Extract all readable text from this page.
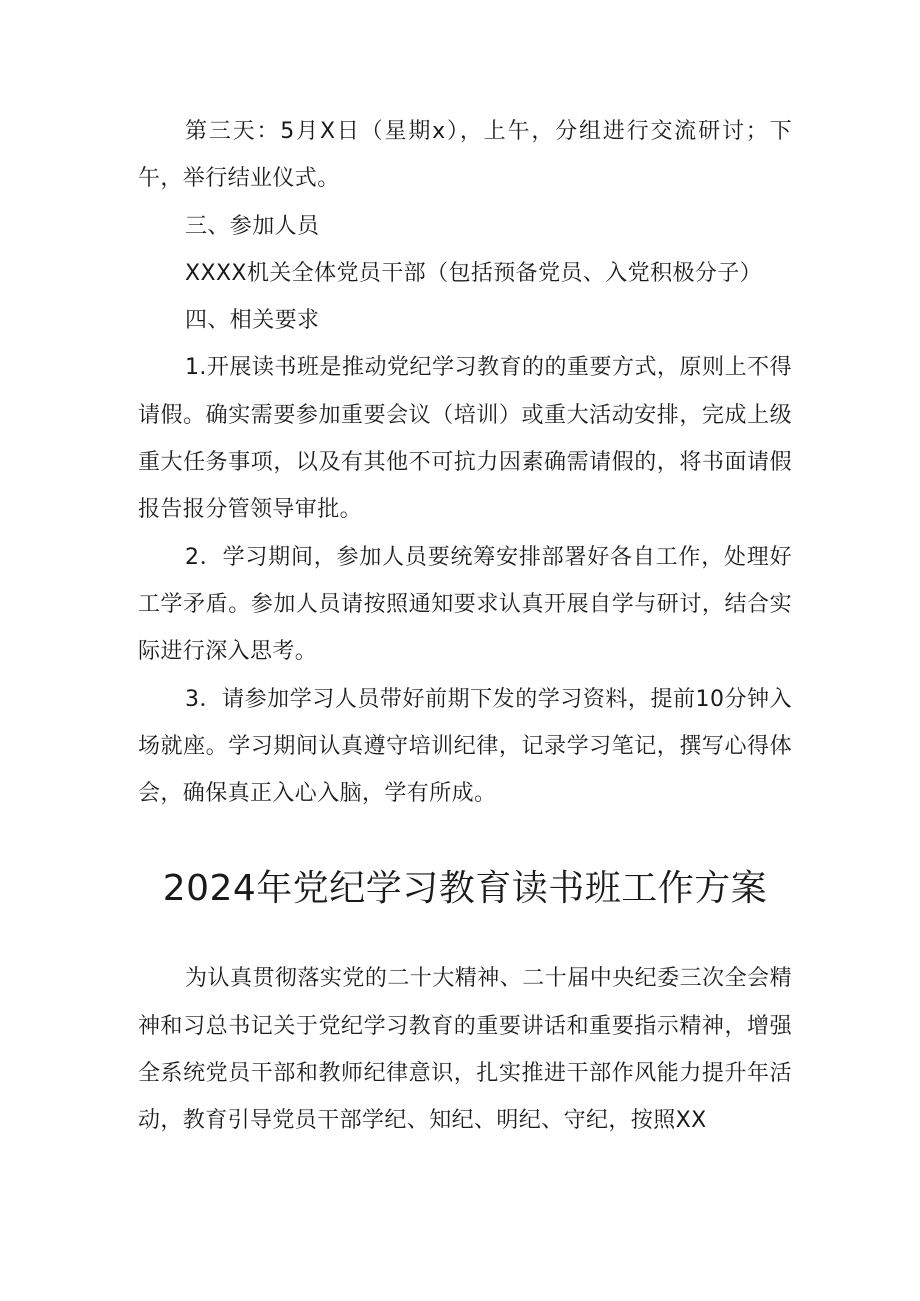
第三天：5月X日（星期x），上午，分组进行交流研讨；下午，举行结业仪式。

三、参加人员

XXXX机关全体党员干部（包括预备党员、入党积极分子）

四、相关要求

1.开展读书班是推动党纪学习教育的的重要方式，原则上不得请假。确实需要参加重要会议（培训）或重大活动安排，完成上级重大任务事项，以及有其他不可抗力因素确需请假的，将书面请假报告报分管领导审批。

2．学习期间，参加人员要统筹安排部署好各自工作，处理好工学矛盾。参加人员请按照通知要求认真开展自学与研讨，结合实际进行深入思考。

3．请参加学习人员带好前期下发的学习资料，提前10分钟入场就座。学习期间认真遵守培训纪律，记录学习笔记，撰写心得体会，确保真正入心入脑，学有所成。

2024年党纪学习教育读书班工作方案

为认真贯彻落实党的二十大精神、二十届中央纪委三次全会精神和习总书记关于党纪学习教育的重要讲话和重要指示精神，增强全系统党员干部和教师纪律意识，扎实推进干部作风能力提升年活动，教育引导党员干部学纪、知纪、明纪、守纪，按照XX
